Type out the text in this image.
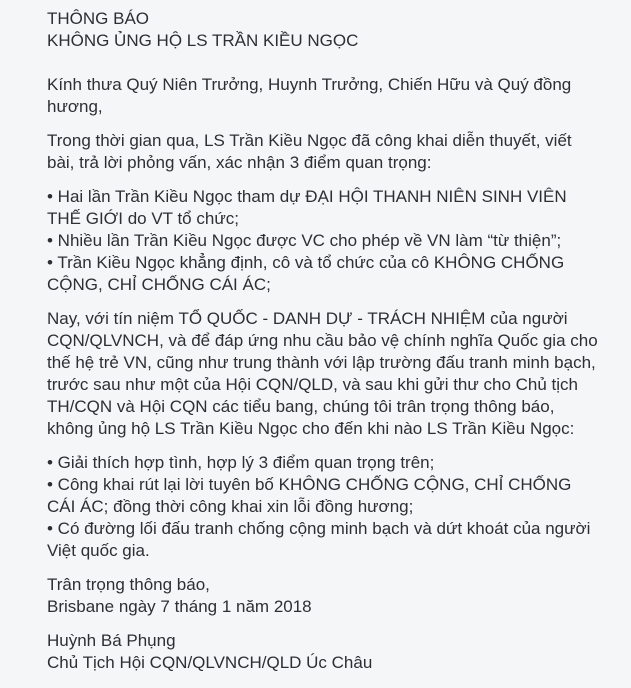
THÔNG BÁO

KHÔNG ỦNG HỘ LS TRẦN KIỀU NGỌC

Kính thưa Quý Niên Trưởng, Huynh Trưởng, Chiến Hữu và Quý đồng hương,

Trong thời gian qua, LS Trần Kiều Ngọc đã công khai diễn thuyết, viết bài, trả lời phỏng vấn, xác nhận 3 điểm quan trọng:

• Hai lần Trần Kiều Ngọc tham dự ĐẠI HỘI THANH NIÊN SINH VIÊN THẾ GIỚI do VT tổ chức;
• Nhiều lần Trần Kiều Ngọc được VC cho phép về VN làm “từ thiện”;
• Trần Kiều Ngọc khẳng định, cô và tổ chức của cô KHÔNG CHỐNG CỘNG, CHỈ CHỐNG CÁI ÁC;

Nay, với tín niệm TỔ QUỐC - DANH DỰ - TRÁCH NHIỆM của người CQN/QLVNCH, và để đáp ứng nhu cầu bảo vệ chính nghĩa Quốc gia cho thế hệ trẻ VN, cũng như trung thành với lập trường đấu tranh minh bạch, trước sau như một của Hội CQN/QLD, và sau khi gửi thư cho Chủ tịch TH/CQN và Hội CQN các tiểu bang, chúng tôi trân trọng thông báo, không ủng hộ LS Trần Kiều Ngọc cho đến khi nào LS Trần Kiều Ngọc:

• Giải thích hợp tình, hợp lý 3 điểm quan trọng trên;
• Công khai rút lại lời tuyên bố KHÔNG CHỐNG CỘNG, CHỈ CHỐNG CÁI ÁC; đồng thời công khai xin lỗi đồng hương;
• Có đường lối đấu tranh chống cộng minh bạch và dứt khoát của người Việt quốc gia.

Trân trọng thông báo,

Brisbane ngày 7 tháng 1 năm 2018

Huỳnh Bá Phụng

Chủ Tịch Hội CQN/QLVNCH/QLD Úc Châu
